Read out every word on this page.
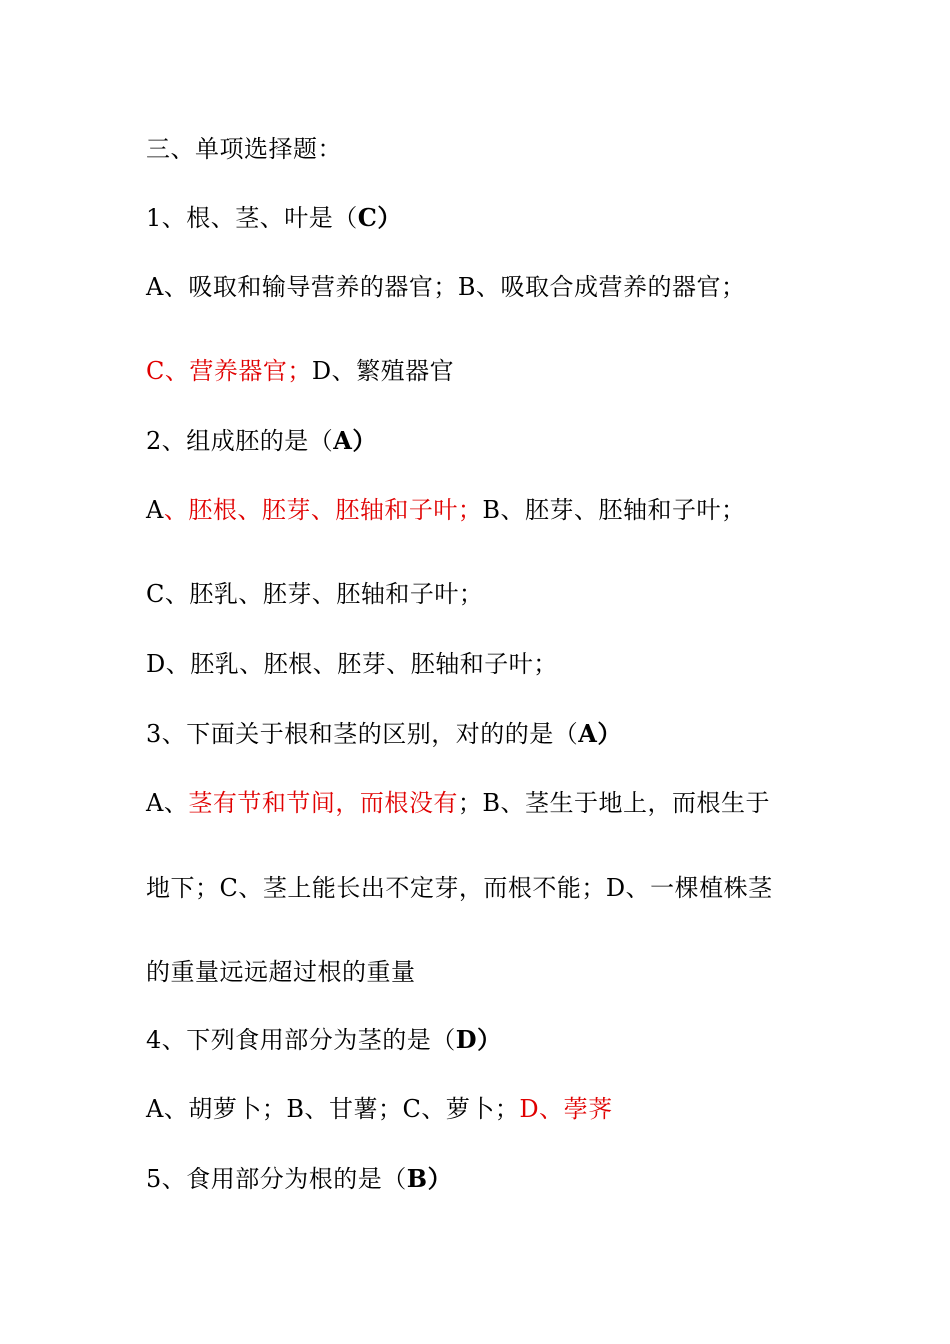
三、单项选择题：
1、根、茎、叶是（C）
A、吸取和输导营养的器官；B、吸取合成营养的器官；
C、营养器官；D、繁殖器官
2、组成胚的是（A）
A、胚根、胚芽、胚轴和子叶；B、胚芽、胚轴和子叶；
C、胚乳、胚芽、胚轴和子叶；
D、胚乳、胚根、胚芽、胚轴和子叶；
3、下面关于根和茎的区别，对的的是（A）
A、茎有节和节间，而根没有；B、茎生于地上，而根生于
地下；C、茎上能长出不定芽，而根不能；D、一棵植株茎
的重量远远超过根的重量
4、下列食用部分为茎的是（D）
A、胡萝卜；B、甘薯；C、萝卜；D、荸荠
5、食用部分为根的是（B）
